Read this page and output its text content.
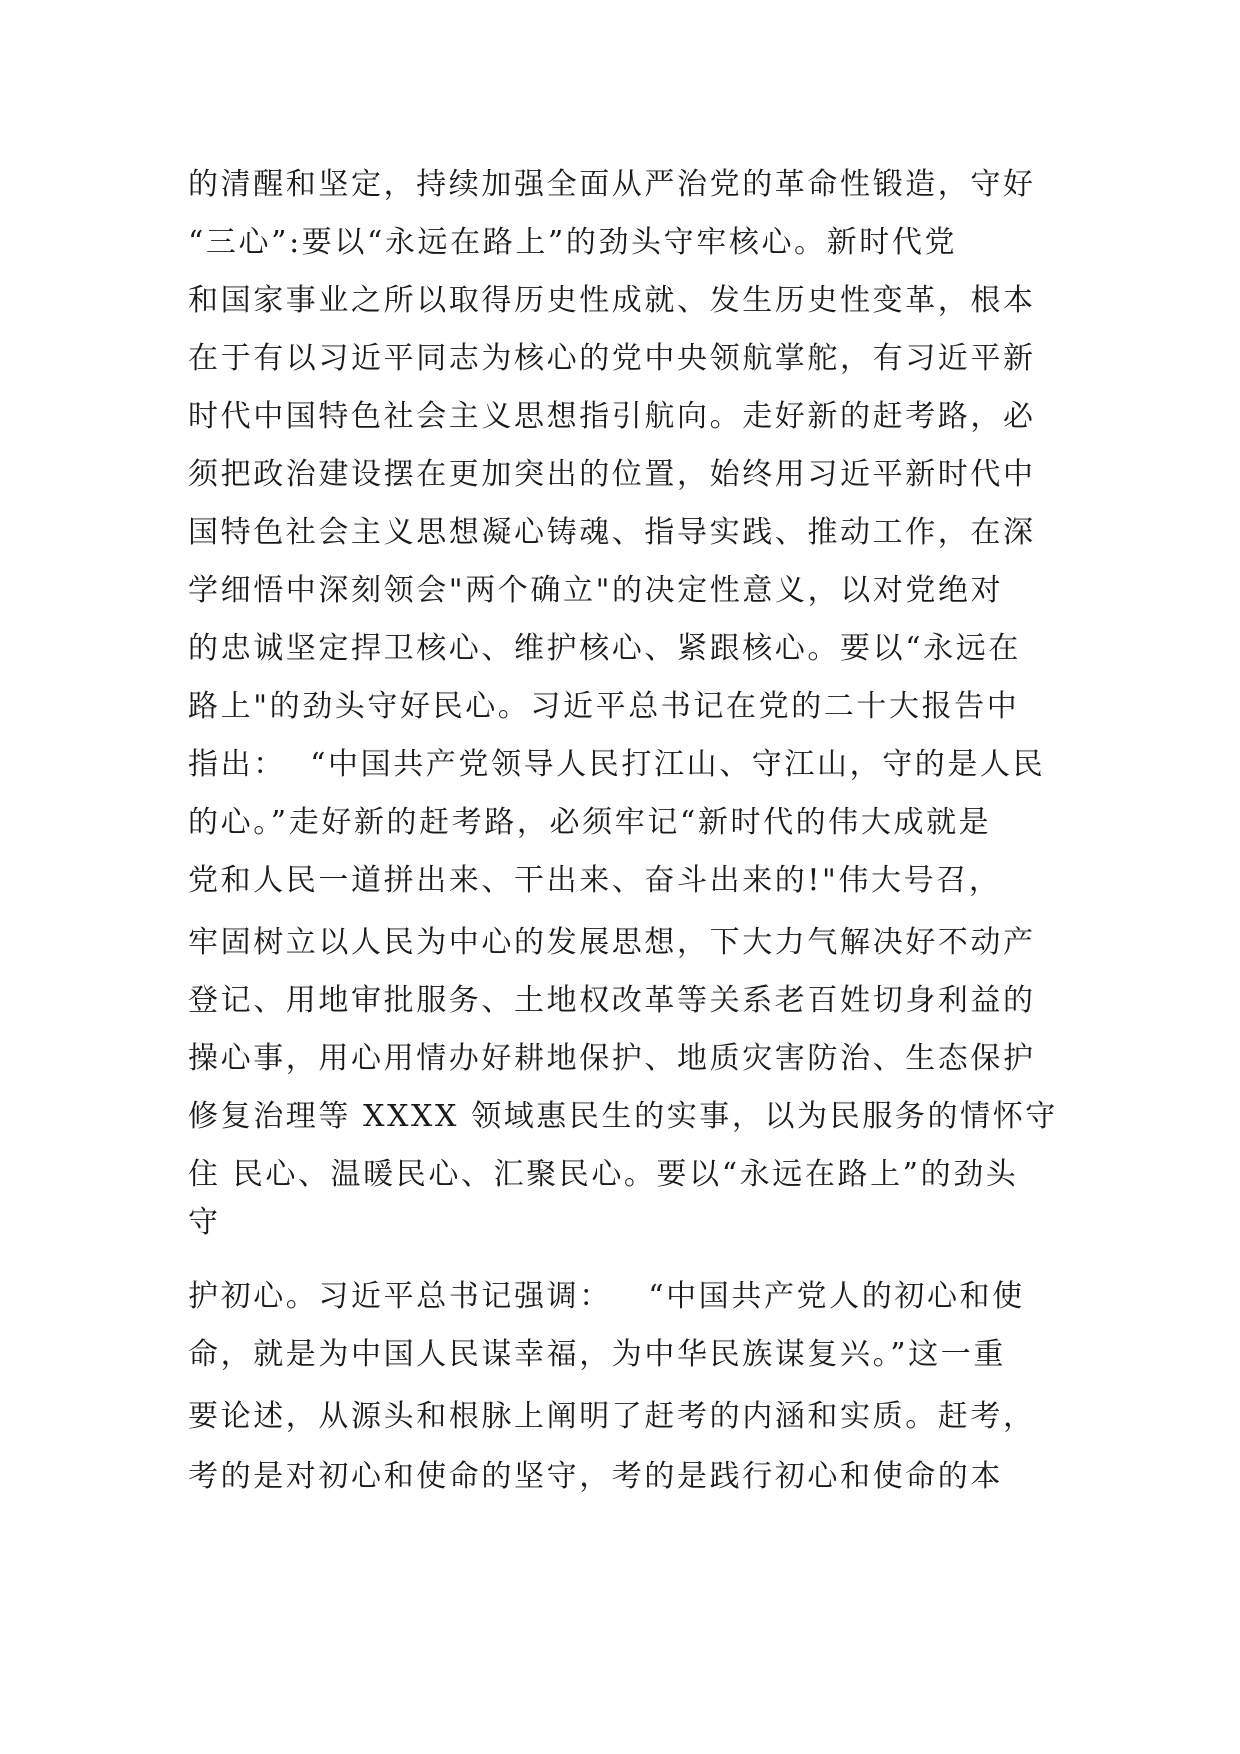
的清醒和坚定，持续加强全面从严治党的革命性锻造，守好
“三心”:要以“永远在路上”的劲头守牢核心。新时代党
和国家事业之所以取得历史性成就、发生历史性变革，根本
在于有以习近平同志为核心的党中央领航掌舵，有习近平新
时代中国特色社会主义思想指引航向。走好新的赶考路，必
须把政治建设摆在更加突出的位置，始终用习近平新时代中
国特色社会主义思想凝心铸魂、指导实践、推动工作，在深
学细悟中深刻领会"两个确立"的决定性意义，以对党绝对
的忠诚坚定捍卫核心、维护核心、紧跟核心。要以“永远在
路上"的劲头守好民心。习近平总书记在党的二十大报告中
指出：  “中国共产党领导人民打江山、守江山，守的是人民
的心。”走好新的赶考路，必须牢记“新时代的伟大成就是
党和人民一道拼出来、干出来、奋斗出来的!"伟大号召，
牢固树立以人民为中心的发展思想，下大力气解决好不动产
登记、用地审批服务、土地权改革等关系老百姓切身利益的
操心事，用心用情办好耕地保护、地质灾害防治、生态保护
修复治理等 XXXX 领域惠民生的实事，以为民服务的情怀守
住 民心、温暖民心、汇聚民心。要以“永远在路上”的劲头
守
护初心。习近平总书记强调：   “中国共产党人的初心和使
命，就是为中国人民谋幸福，为中华民族谋复兴。”这一重
要论述，从源头和根脉上阐明了赶考的内涵和实质。赶考，
考的是对初心和使命的坚守，考的是践行初心和使命的本
